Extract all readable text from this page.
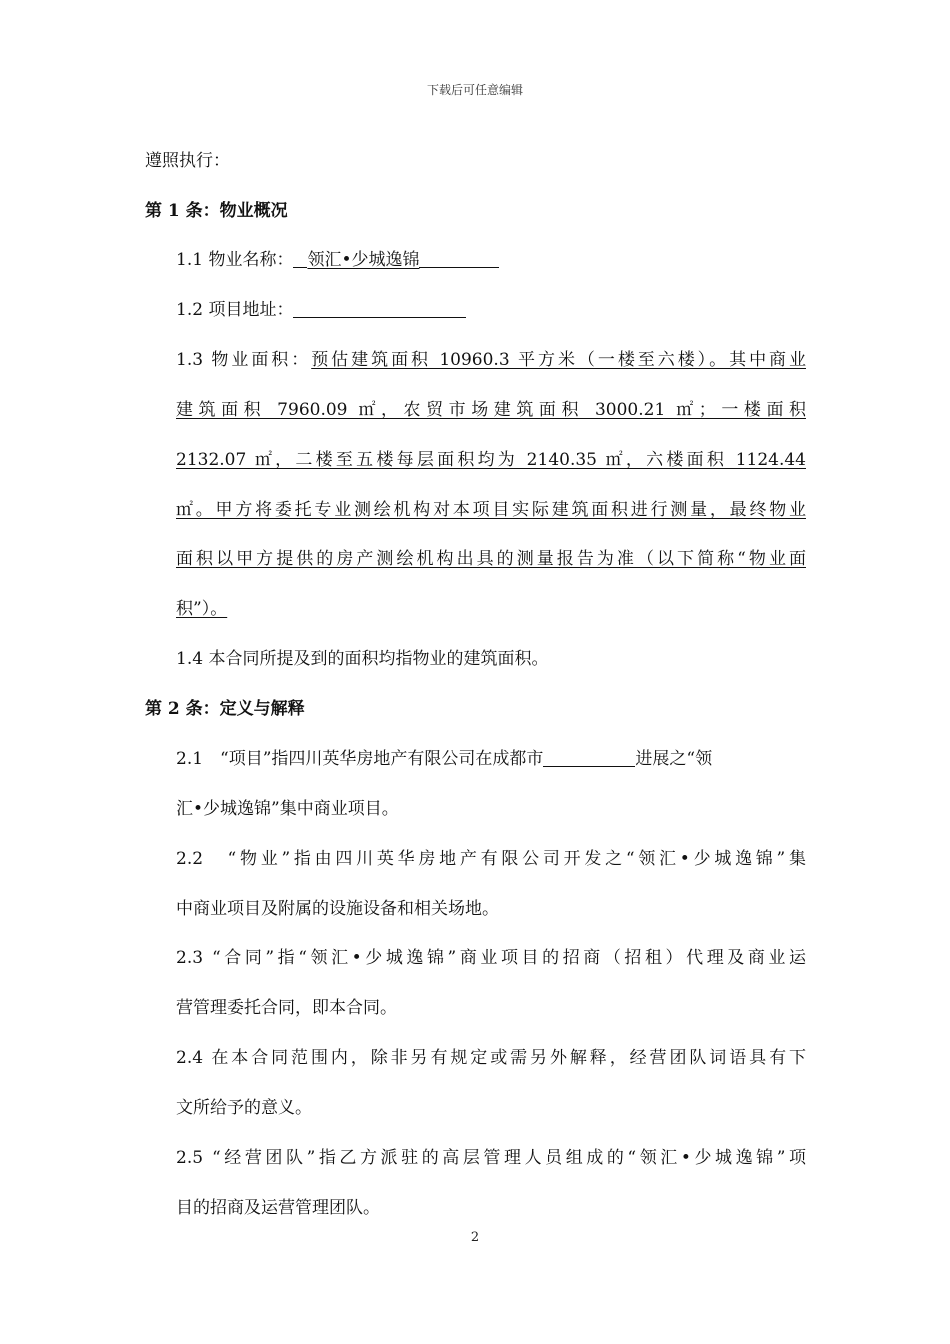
下载后可任意编辑
遵照执行：
第 1 条：物业概况
1.1 物业名称： 领汇•少城逸锦
1.2 项目地址：
1.3 物业面积：预估建筑面积 10960.3 平方米（一楼至六楼）。其中商业
建筑面积 7960.09 ㎡，农贸市场建筑面积 3000.21 ㎡；一楼面积
2132.07 ㎡，二楼至五楼每层面积均为 2140.35 ㎡，六楼面积 1124.44
㎡。甲方将委托专业测绘机构对本项目实际建筑面积进行测量，最终物业
面积以甲方提供的房产测绘机构出具的测量报告为准（以下简称“物业面
积”）。
1.4 本合同所提及到的面积均指物业的建筑面积。
第 2 条：定义与解释
2.1　“项目”指四川英华房地产有限公司在成都市	进展之“领
汇•少城逸锦”集中商业项目。
2.2　“物业”指由四川英华房地产有限公司开发之“领汇•少城逸锦”集
中商业项目及附属的设施设备和相关场地。
2.3 “合同”指“领汇•少城逸锦”商业项目的招商（招租）代理及商业运
营管理委托合同，即本合同。
2.4 在本合同范围内，除非另有规定或需另外解释，经营团队词语具有下
文所给予的意义。
2.5 “经营团队”指乙方派驻的高层管理人员组成的“领汇•少城逸锦”项
目的招商及运营管理团队。
2
